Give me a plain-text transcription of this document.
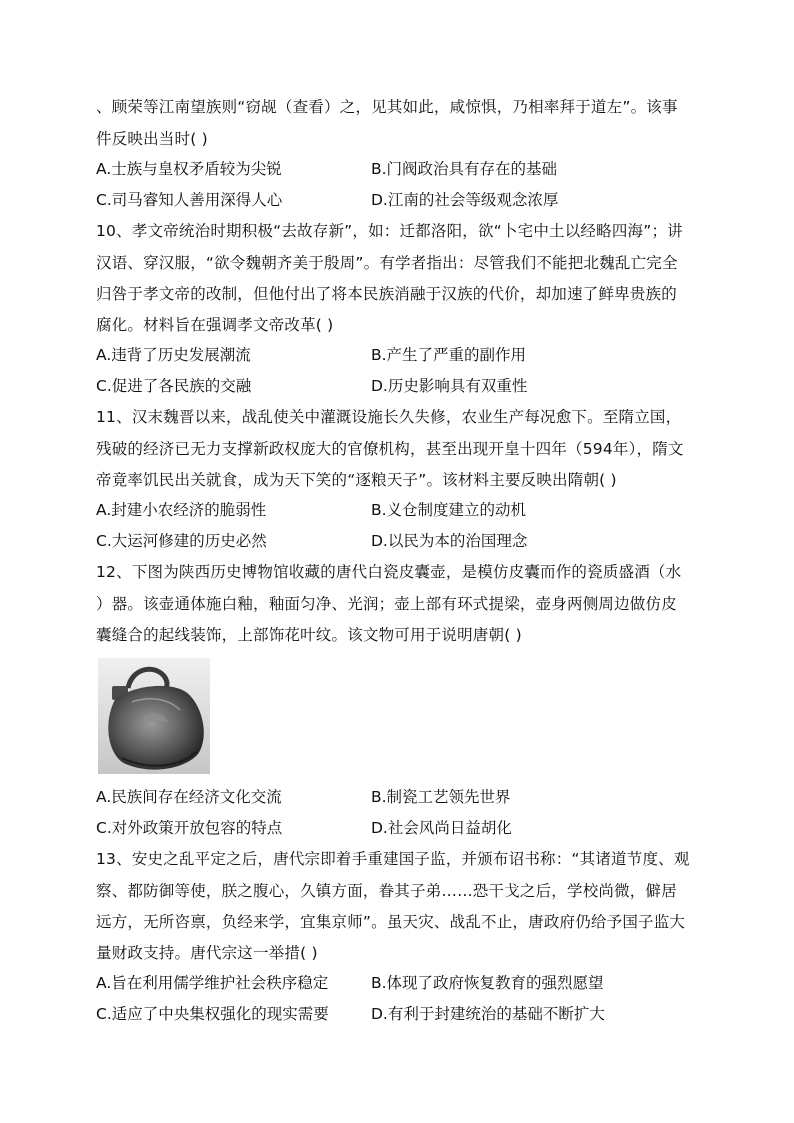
、顾荣等江南望族则“窃觇（查看）之，见其如此，咸惊惧，乃相率拜于道左”。该事
件反映出当时( )
A.士族与皇权矛盾较为尖锐	B.门阀政治具有存在的基础
C.司马睿知人善用深得人心	D.江南的社会等级观念浓厚
10、孝文帝统治时期积极“去故存新”，如：迁都洛阳，欲“卜宅中土以经略四海”；讲
汉语、穿汉服，“欲令魏朝齐美于殷周”。有学者指出：尽管我们不能把北魏乱亡完全
归咎于孝文帝的改制，但他付出了将本民族消融于汉族的代价，却加速了鲜卑贵族的
腐化。材料旨在强调孝文帝改革( )
A.违背了历史发展潮流	B.产生了严重的副作用
C.促进了各民族的交融	D.历史影响具有双重性
11、汉末魏晋以来，战乱使关中灌溉设施长久失修，农业生产每况愈下。至隋立国，
残破的经济已无力支撑新政权庞大的官僚机构，甚至出现开皇十四年（594年），隋文
帝竟率饥民出关就食，成为天下笑的“逐粮天子”。该材料主要反映出隋朝( )
A.封建小农经济的脆弱性	B.义仓制度建立的动机
C.大运河修建的历史必然	D.以民为本的治国理念
12、下图为陕西历史博物馆收藏的唐代白瓷皮囊壶，是模仿皮囊而作的瓷质盛酒（水
）器。该壶通体施白釉，釉面匀净、光润；壶上部有环式提梁，壶身两侧周边做仿皮
囊缝合的起线装饰，上部饰花叶纹。该文物可用于说明唐朝( )
A.民族间存在经济文化交流	B.制瓷工艺领先世界
C.对外政策开放包容的特点	D.社会风尚日益胡化
13、安史之乱平定之后，唐代宗即着手重建国子监，并颁布诏书称：“其诸道节度、观
察、都防御等使，朕之腹心，久镇方面，眷其子弟……恐干戈之后，学校尚微，僻居
远方，无所咨禀，负经来学，宜集京师”。虽天灾、战乱不止，唐政府仍给予国子监大
量财政支持。唐代宗这一举措( )
A.旨在利用儒学维护社会秩序稳定	B.体现了政府恢复教育的强烈愿望
C.适应了中央集权强化的现实需要	D.有利于封建统治的基础不断扩大
